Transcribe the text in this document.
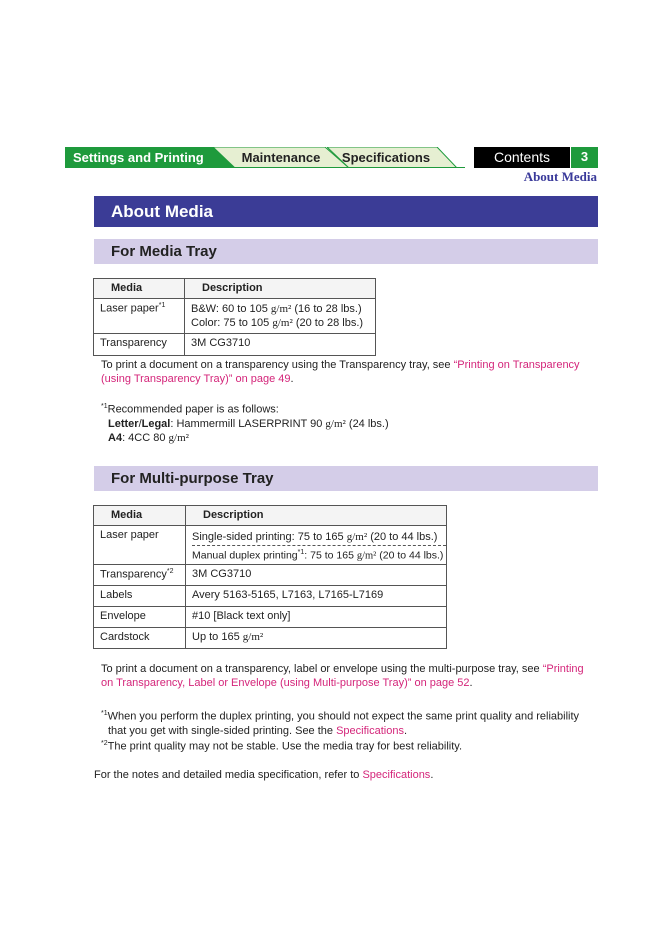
Settings and Printing	Maintenance	Specifications	Contents	3
About Media
About Media
For Media Tray
Media	Description
Laser paper$^{*1}$	B&W: 60 to 105 g/m² (16 to 28 lbs.)
Color: 75 to 105 g/m² (20 to 28 lbs.)

Transparency	3M CG3710
To print a document on a transparency using the Transparency tray, see “Printing on Transparency (using Transparency Tray)” on page 49.
$^{*1}$Recommended paper is as follows:
Letter/Legal: Hammermill LASERPRINT 90 g/m² (24 lbs.)
A4: 4CC 80 g/m²
For Multi-purpose Tray
Media	Description
Laser paper	Single-sided printing: 75 to 165 g/m² (20 to 44 lbs.)
Manual duplex printing$^{*1}$: 75 to 165 g/m² (20 to 44 lbs.)

Transparency$^{*2}$	3M CG3710
Labels	Avery 5163-5165, L7163, L7165-L7169
Envelope	#10 [Black text only]
Cardstock	Up to 165 g/m²
To print a document on a transparency, label or envelope using the multi-purpose tray, see “Printing on Transparency, Label or Envelope (using Multi-purpose Tray)” on page 52.
$^{*1}$When you perform the duplex printing, you should not expect the same print quality and reliability
that you get with single-sided printing. See the Specifications.
$^{*2}$The print quality may not be stable. Use the media tray for best reliability.
For the notes and detailed media specification, refer to Specifications.
